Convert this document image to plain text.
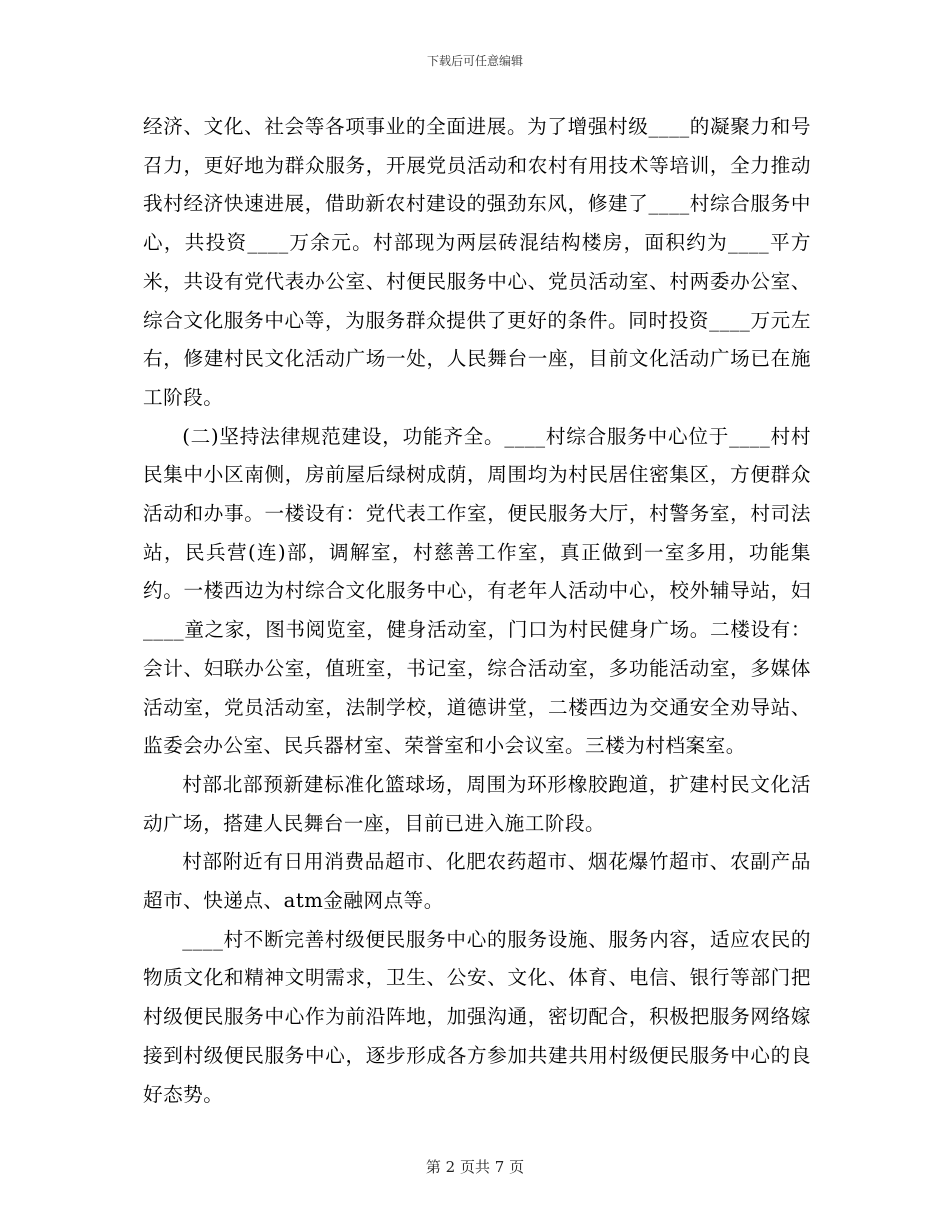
下载后可任意编辑

经济、文化、社会等各项事业的全面进展。为了增强村级____的凝聚力和号召力，更好地为群众服务，开展党员活动和农村有用技术等培训，全力推动我村经济快速进展，借助新农村建设的强劲东风，修建了____村综合服务中心，共投资____万余元。村部现为两层砖混结构楼房，面积约为____平方米，共设有党代表办公室、村便民服务中心、党员活动室、村两委办公室、综合文化服务中心等，为服务群众提供了更好的条件。同时投资____万元左右，修建村民文化活动广场一处，人民舞台一座，目前文化活动广场已在施工阶段。

(二)坚持法律规范建设，功能齐全。____村综合服务中心位于____村村民集中小区南侧，房前屋后绿树成荫，周围均为村民居住密集区，方便群众活动和办事。一楼设有：党代表工作室，便民服务大厅，村警务室，村司法站，民兵营(连)部，调解室，村慈善工作室，真正做到一室多用，功能集约。一楼西边为村综合文化服务中心，有老年人活动中心，校外辅导站，妇____童之家，图书阅览室，健身活动室，门口为村民健身广场。二楼设有：会计、妇联办公室，值班室，书记室，综合活动室，多功能活动室，多媒体活动室，党员活动室，法制学校，道德讲堂，二楼西边为交通安全劝导站、监委会办公室、民兵器材室、荣誉室和小会议室。三楼为村档案室。

村部北部预新建标准化篮球场，周围为环形橡胶跑道，扩建村民文化活动广场，搭建人民舞台一座，目前已进入施工阶段。

村部附近有日用消费品超市、化肥农药超市、烟花爆竹超市、农副产品超市、快递点、atm金融网点等。

____村不断完善村级便民服务中心的服务设施、服务内容，适应农民的物质文化和精神文明需求，卫生、公安、文化、体育、电信、银行等部门把村级便民服务中心作为前沿阵地，加强沟通，密切配合，积极把服务网络嫁接到村级便民服务中心，逐步形成各方参加共建共用村级便民服务中心的良好态势。

第 2 页共 7 页
